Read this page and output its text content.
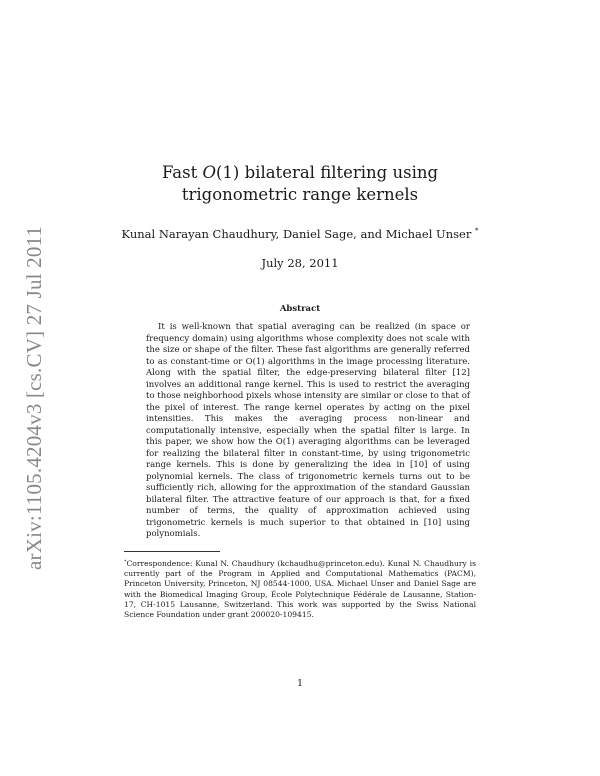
arXiv:1105.4204v3 [cs.CV] 27 Jul 2011
Fast O(1) bilateral filtering using
trigonometric range kernels
Kunal Narayan Chaudhury, Daniel Sage, and Michael Unser *
July 28, 2011
Abstract
It is well-known that spatial averaging can be realized (in space or frequency domain) using algorithms whose complexity does not scale with the size or shape of the filter. These fast algorithms are generally referred to as constant-time or O(1) algorithms in the image processing literature. Along with the spatial filter, the edge-preserving bilateral filter [12] involves an additional range kernel. This is used to restrict the averaging to those neighborhood pixels whose intensity are similar or close to that of the pixel of interest. The range kernel operates by acting on the pixel intensities. This makes the averaging process non-linear and computationally intensive, especially when the spatial filter is large. In this paper, we show how the O(1) averaging algorithms can be leveraged for realizing the bilateral filter in constant-time, by using trigonometric range kernels. This is done by generalizing the idea in [10] of using polynomial kernels. The class of trigonometric kernels turns out to be sufficiently rich, allowing for the approximation of the standard Gaussian bilateral filter. The attractive feature of our approach is that, for a fixed number of terms, the quality of approximation achieved using trigonometric kernels is much superior to that obtained in [10] using polynomials.
*Correspondence: Kunal N. Chaudhury (kchaudhu@princeton.edu). Kunal N. Chaudhury is currently part of the Program in Applied and Computational Mathematics (PACM), Princeton University, Princeton, NJ 08544-1000, USA. Michael Unser and Daniel Sage are with the Biomedical Imaging Group, École Polytechnique Fédérale de Lausanne, Station-17, CH-1015 Lausanne, Switzerland. This work was supported by the Swiss National Science Foundation under grant 200020-109415.
1
